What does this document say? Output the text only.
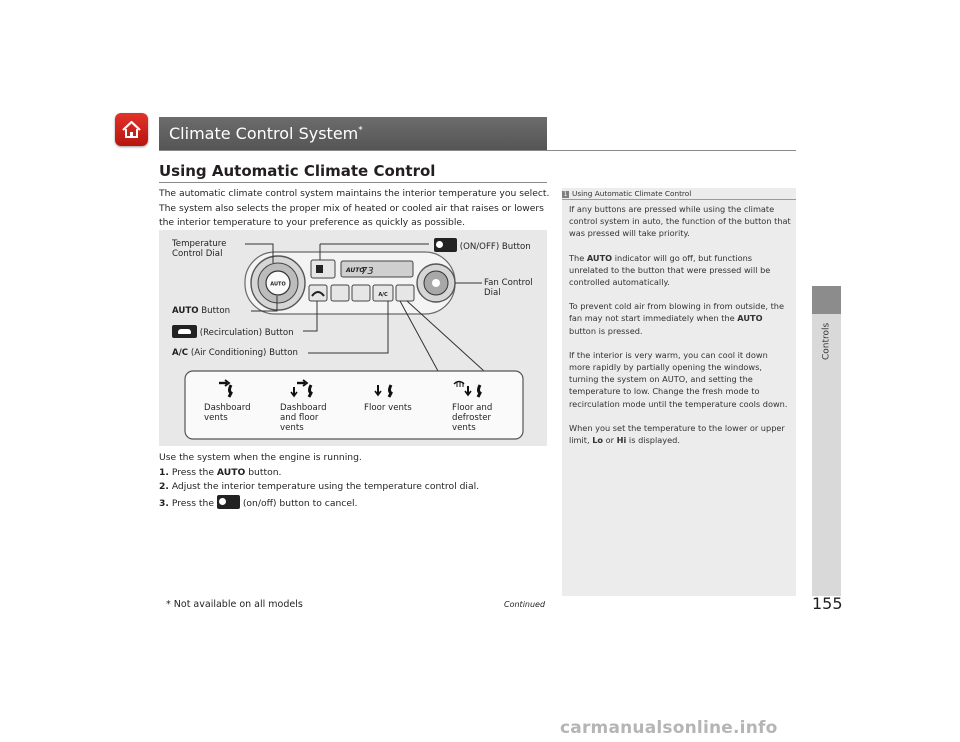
Climate Control System*
Using Automatic Climate Control
The automatic climate control system maintains the interior temperature you select. The system also selects the proper mix of heated or cooled air that raises or lowers the interior temperature to your preference as quickly as possible.
AUTO
AUTO
73
A/C
Temperature
Control Dial
(ON/OFF) Button
Fan Control
Dial
AUTO Button
(Recirculation) Button
A/C (Air Conditioning) Button
Dashboard
vents
Dashboard
and floor
vents
Floor vents	Floor and
defroster
vents
Use the system when the engine is running.
1. Press the AUTO button.
2. Adjust the interior temperature using the temperature control dial.
3. Press the	(on/off) button to cancel.
1 Using Automatic Climate Control

If any buttons are pressed while using the climate control system in auto, the function of the button that was pressed will take priority.

The AUTO indicator will go off, but functions unrelated to the button that were pressed will be controlled automatically.

To prevent cold air from blowing in from outside, the fan may not start immediately when the AUTO button is pressed.

If the interior is very warm, you can cool it down more rapidly by partially opening the windows, turning the system on AUTO, and setting the temperature to low. Change the fresh mode to recirculation mode until the temperature cools down.

When you set the temperature to the lower or upper limit, Lo or Hi is displayed.

Controls
* Not available on all models	Continued	155
carmanualsonline.info
